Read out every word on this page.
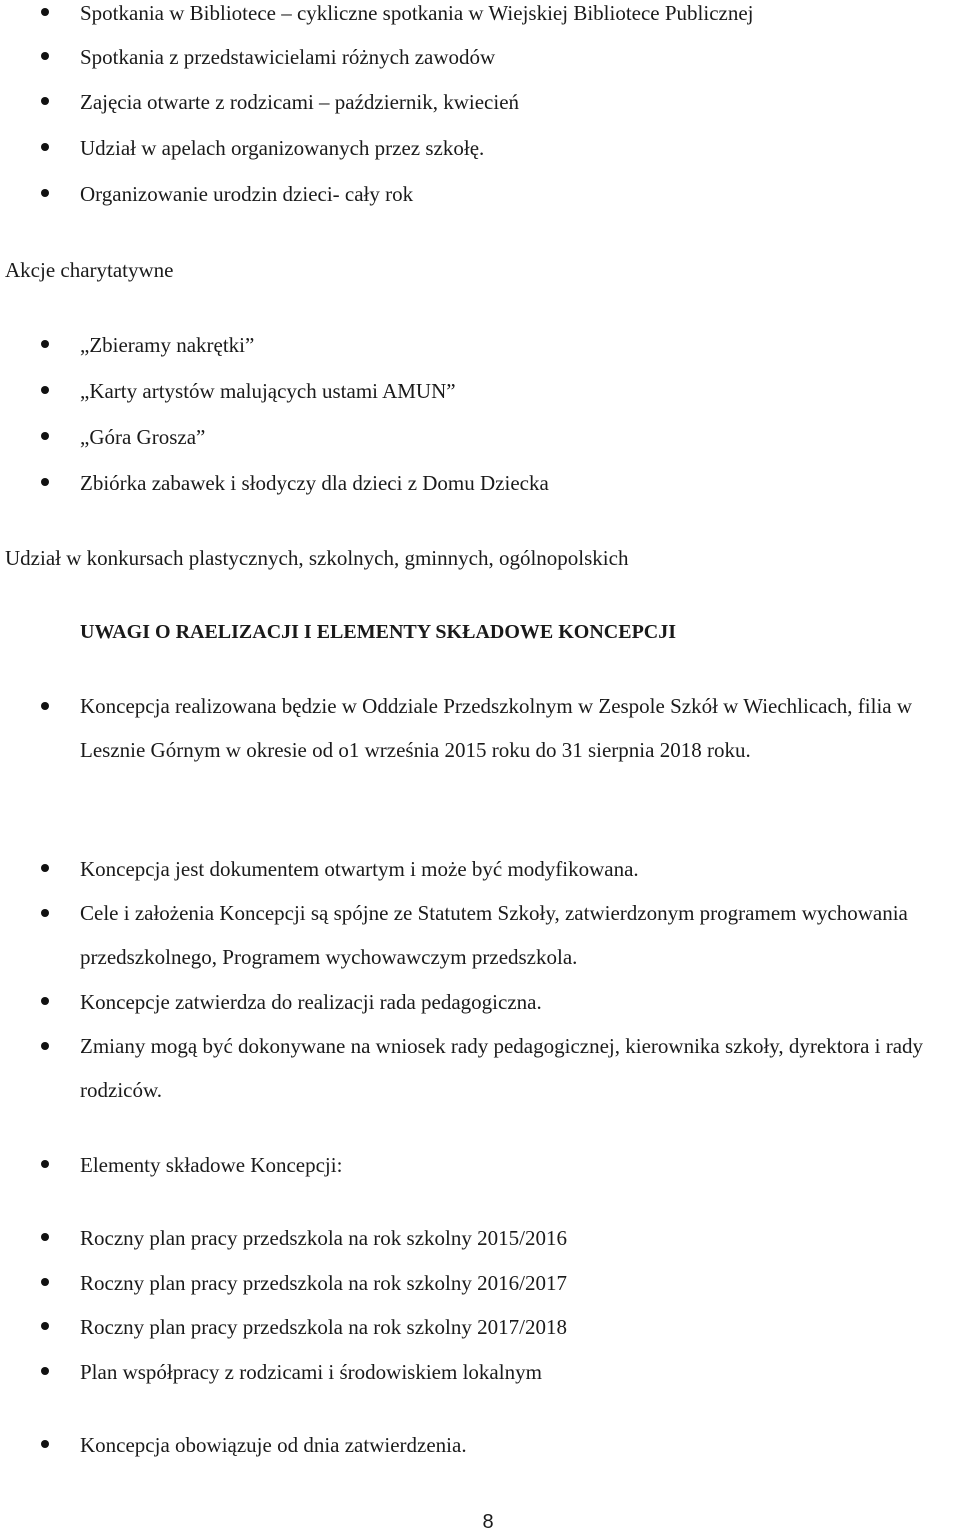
Spotkania w Bibliotece – cykliczne spotkania w Wiejskiej Bibliotece Publicznej
Spotkania z przedstawicielami różnych zawodów
Zajęcia otwarte z rodzicami – październik, kwiecień
Udział w apelach organizowanych przez szkołę.
Organizowanie urodzin dzieci- cały rok
Akcje charytatywne
„Zbieramy nakrętki”
„Karty artystów malujących ustami AMUN”
„Góra Grosza”
Zbiórka zabawek i słodyczy dla dzieci z Domu Dziecka
Udział w konkursach plastycznych, szkolnych, gminnych, ogólnopolskich
UWAGI O RAELIZACJI I ELEMENTY SKŁADOWE KONCEPCJI
Koncepcja realizowana będzie w Oddziale Przedszkolnym w Zespole Szkół w Wiechlicach, filia w Lesznie Górnym w okresie od o1 września 2015 roku do 31 sierpnia 2018 roku.
Koncepcja jest dokumentem otwartym i może być modyfikowana.
Cele i założenia Koncepcji są spójne ze Statutem Szkoły, zatwierdzonym programem wychowania przedszkolnego, Programem wychowawczym przedszkola.
Koncepcje zatwierdza do realizacji rada pedagogiczna.
Zmiany mogą być dokonywane na wniosek rady pedagogicznej, kierownika szkoły, dyrektora i rady rodziców.
Elementy składowe Koncepcji:
Roczny plan pracy przedszkola na rok szkolny 2015/2016
Roczny plan pracy przedszkola na rok szkolny 2016/2017
Roczny plan pracy przedszkola na rok szkolny 2017/2018
Plan współpracy z rodzicami i środowiskiem lokalnym
Koncepcja obowiązuje od dnia zatwierdzenia.
8
